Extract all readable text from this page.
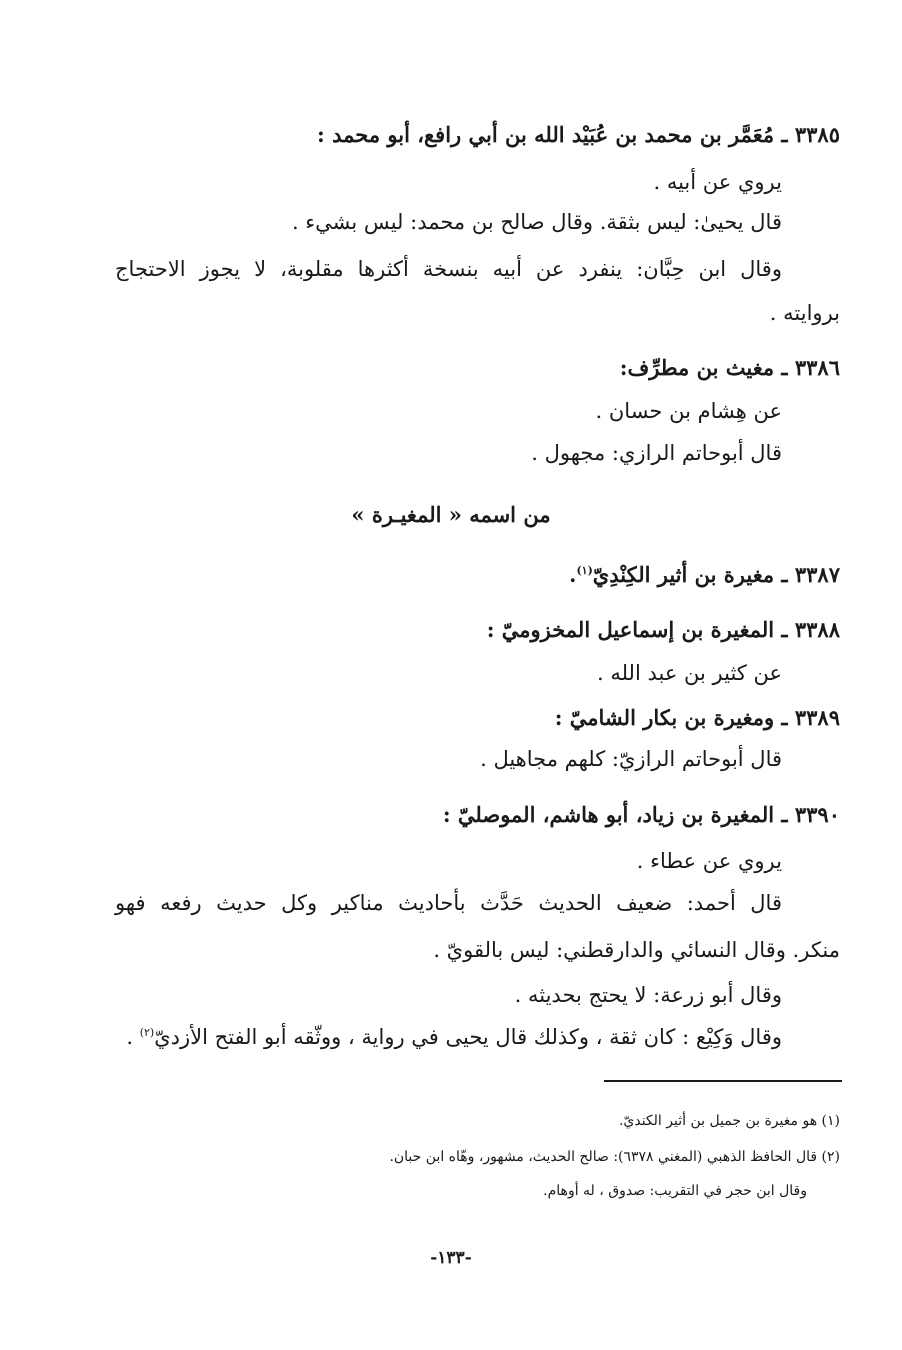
٣٣٨٥ ـ مُعَمَّر بن محمد بن عُبَيْد الله بن أبي رافع، أبو محمد :
يروي عن أبيه .
قال يحيىٰ: ليس بثقة. وقال صالح بن محمد: ليس بشيء .
وقال ابن حِبَّان: ينفرد عن أبيه بنسخة أكثرها مقلوبة، لا يجوز الاحتجاج
بروايته .
٣٣٨٦ ـ مغيث بن مطرِّف:
عن هِشام بن حسان .
قال أبوحاتم الرازي: مجهول .
من اسمه « المغيـرة »
٣٣٨٧ ـ مغيرة بن أثير الكِنْدِيّ$^{(١)}$.
٣٣٨٨ ـ المغيرة بن إسماعيل المخزوميّ :
عن كثير بن عبد الله .
٣٣٨٩ ـ ومغيرة بن بكار الشاميّ :
قال أبوحاتم الرازيّ: كلهم مجاهيل .
٣٣٩٠ ـ المغيرة بن زياد، أبو هاشم، الموصليّ :
يروي عن عطاء .
قال أحمد: ضعيف الحديث حَدَّث بأحاديث مناكير وكل حديث رفعه فهو
منكر. وقال النسائي والدارقطني: ليس بالقويّ .
وقال أبو زرعة: لا يحتج بحديثه .
وقال وَكِيْع : كان ثقة ، وكذلك قال يحيى في رواية ، ووثّقه أبو الفتح الأزديّ$^{(٢)}$ .
(١) هو مغيرة بن جميل بن أثير الكنديّ.
(٢) قال الحافظ الذهبي (المغني ٦٣٧٨): صالح الحديث، مشهور، وهّاه ابن حبان.
وقال ابن حجر في التقريب: صدوق ، له أوهام.
-١٣٣-
